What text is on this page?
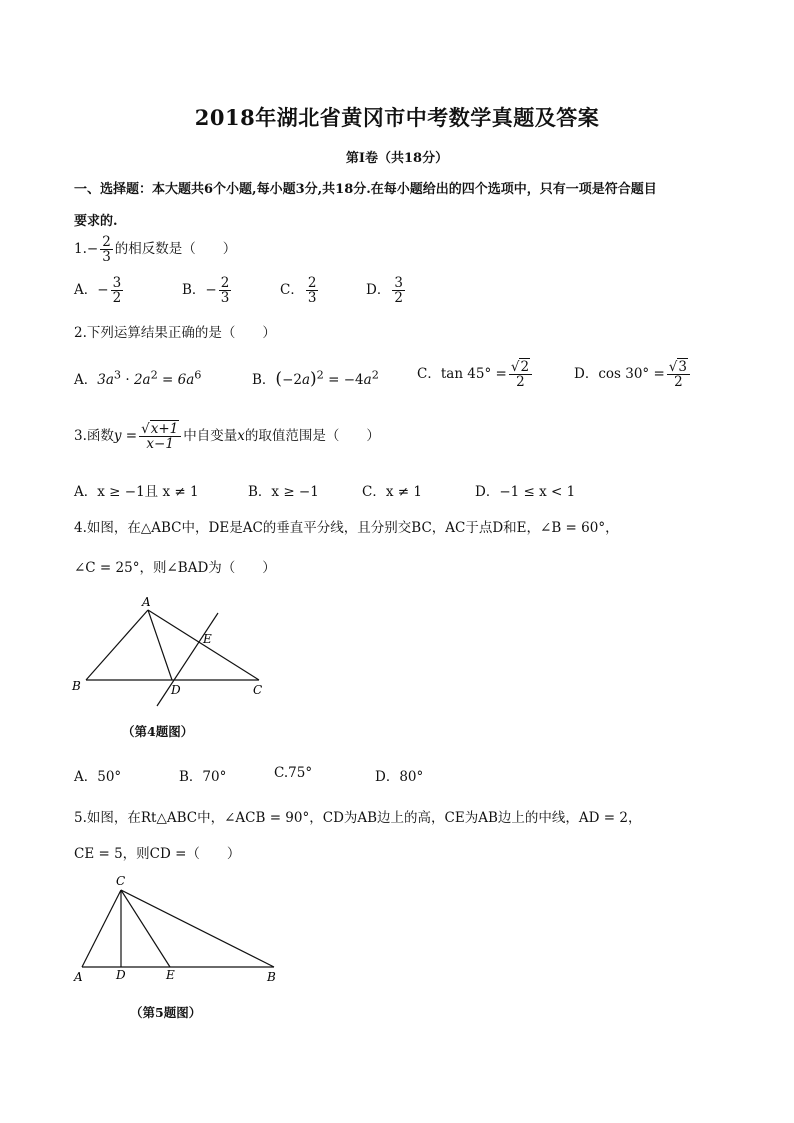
2018年湖北省黄冈市中考数学真题及答案
第Ⅰ卷（共18分）
一、选择题：本大题共6个小题,每小题3分,共18分.在每小题给出的四个选项中，只有一项是符合题目
要求的.
$1.- \frac{2}{3}$ 的相反数是（　　）
A．− $\frac{3}{2}$	B．− $\frac{2}{3}$	C． $\frac{2}{3}$	D． $\frac{3}{2}$
2.下列运算结果正确的是（　　）
A．$3a^3 \cdot 2a^2 = 6a^6$	B．$(-2a)^2 = -4a^2$	C．$\tan 45^\circ = \frac{√2}{2}$	D．$\cos 30^\circ = \frac{√3}{2}$
3.函数$y = \frac{√x+1}{x-1}$ 中自变量x的取值范围是（　　）
A．x ≥ −1且 x ≠ 1	B．x ≥ −1	C．x ≠ 1	D．−1 ≤ x < 1
4.如图，在△ABC中，DE是AC的垂直平分线，且分别交BC，AC于点D和E，∠B = 60°，
∠C = 25°，则∠BAD为（　　）
A
B	C
D
E
（第4题图）
A．50°	B．70°	C.75°	D．80°
5.如图，在Rt△ABC中，∠ACB = 90°，CD为AB边上的高，CE为AB边上的中线，AD = 2，
CE = 5，则CD =（　　）
C
A	D	E	B
（第5题图）
